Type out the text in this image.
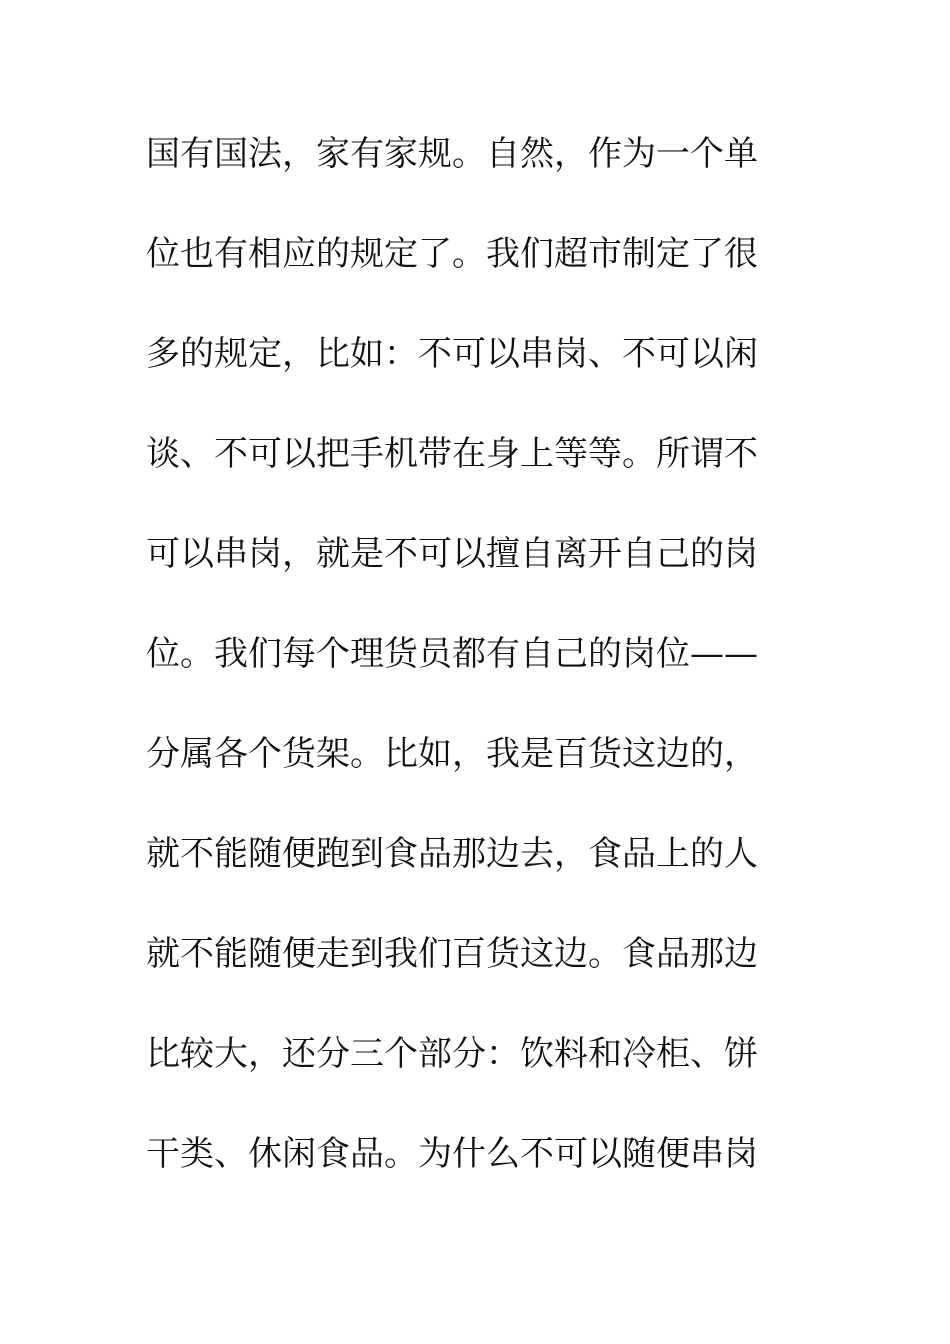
国有国法，家有家规。自然，作为一个单
位也有相应的规定了。我们超市制定了很
多的规定，比如：不可以串岗、不可以闲
谈、不可以把手机带在身上等等。所谓不
可以串岗，就是不可以擅自离开自己的岗
位。我们每个理货员都有自己的岗位——
分属各个货架。比如，我是百货这边的，
就不能随便跑到食品那边去，食品上的人
就不能随便走到我们百货这边。食品那边
比较大，还分三个部分：饮料和冷柜、饼
干类、休闲食品。为什么不可以随便串岗
